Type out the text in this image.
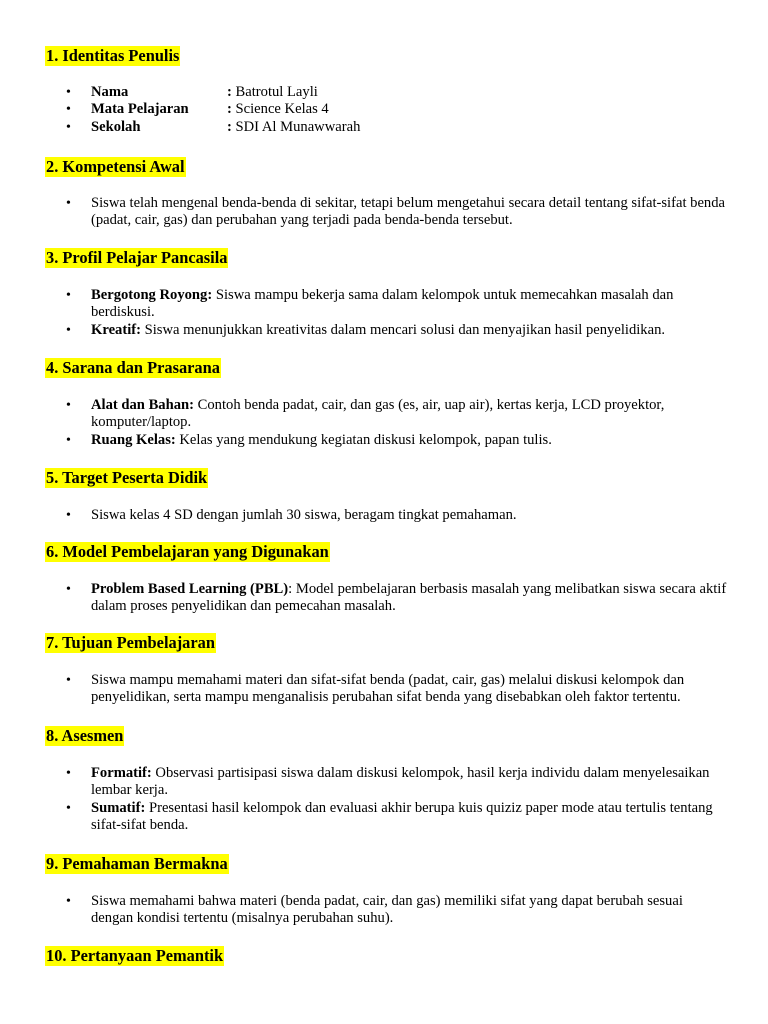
1. Identitas Penulis
• Nama	: Batrotul Layli
• Mata Pelajaran	: Science Kelas 4
• Sekolah	: SDI Al Munawwarah
2. Kompetensi Awal
• Siswa telah mengenal benda-benda di sekitar, tetapi belum mengetahui secara detail tentang sifat-sifat benda (padat, cair, gas) dan perubahan yang terjadi pada benda-benda tersebut.
3. Profil Pelajar Pancasila
• Bergotong Royong: Siswa mampu bekerja sama dalam kelompok untuk memecahkan masalah dan berdiskusi.
• Kreatif: Siswa menunjukkan kreativitas dalam mencari solusi dan menyajikan hasil penyelidikan.
4. Sarana dan Prasarana
• Alat dan Bahan: Contoh benda padat, cair, dan gas (es, air, uap air), kertas kerja, LCD proyektor, komputer/laptop.
• Ruang Kelas: Kelas yang mendukung kegiatan diskusi kelompok, papan tulis.
5. Target Peserta Didik
• Siswa kelas 4 SD dengan jumlah 30 siswa, beragam tingkat pemahaman.
6. Model Pembelajaran yang Digunakan
• Problem Based Learning (PBL): Model pembelajaran berbasis masalah yang melibatkan siswa secara aktif dalam proses penyelidikan dan pemecahan masalah.
7. Tujuan Pembelajaran
• Siswa mampu memahami materi dan sifat-sifat benda (padat, cair, gas) melalui diskusi kelompok dan penyelidikan, serta mampu menganalisis perubahan sifat benda yang disebabkan oleh faktor tertentu.
8. Asesmen
• Formatif: Observasi partisipasi siswa dalam diskusi kelompok, hasil kerja individu dalam menyelesaikan lembar kerja.
• Sumatif: Presentasi hasil kelompok dan evaluasi akhir berupa kuis quiziz paper mode atau tertulis tentang sifat-sifat benda.
9. Pemahaman Bermakna
• Siswa memahami bahwa materi (benda padat, cair, dan gas) memiliki sifat yang dapat berubah sesuai dengan kondisi tertentu (misalnya perubahan suhu).
10. Pertanyaan Pemantik
